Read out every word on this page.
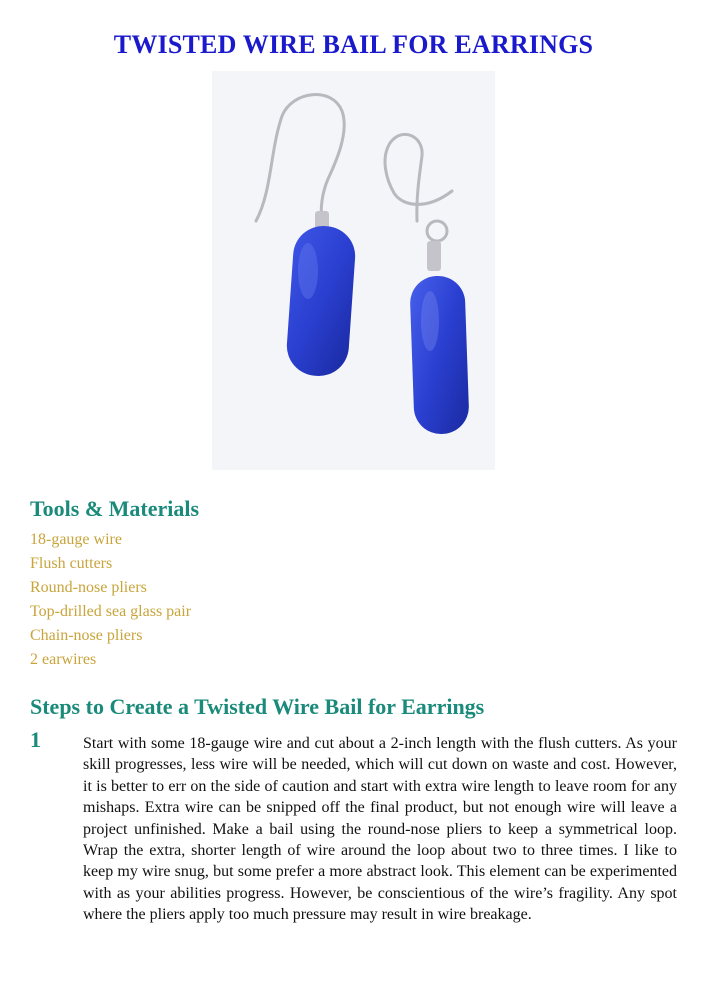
TWISTED WIRE BAIL FOR EARRINGS
Tools & Materials
18-gauge wire
Flush cutters
Round-nose pliers
Top-drilled sea glass pair
Chain-nose pliers
2 earwires
Steps to Create a Twisted Wire Bail for Earrings
1	Start with some 18-gauge wire and cut about a 2-inch length with the flush cutters. As your skill progresses, less wire will be needed, which will cut down on waste and cost. However, it is better to err on the side of caution and start with extra wire length to leave room for any mishaps. Extra wire can be snipped off the final product, but not enough wire will leave a project unfinished. Make a bail using the round-nose pliers to keep a symmetrical loop. Wrap the extra, shorter length of wire around the loop about two to three times. I like to keep my wire snug, but some prefer a more abstract look. This element can be experimented with as your abilities progress. However, be conscientious of the wire’s fragility. Any spot where the pliers apply too much pressure may result in wire breakage.
